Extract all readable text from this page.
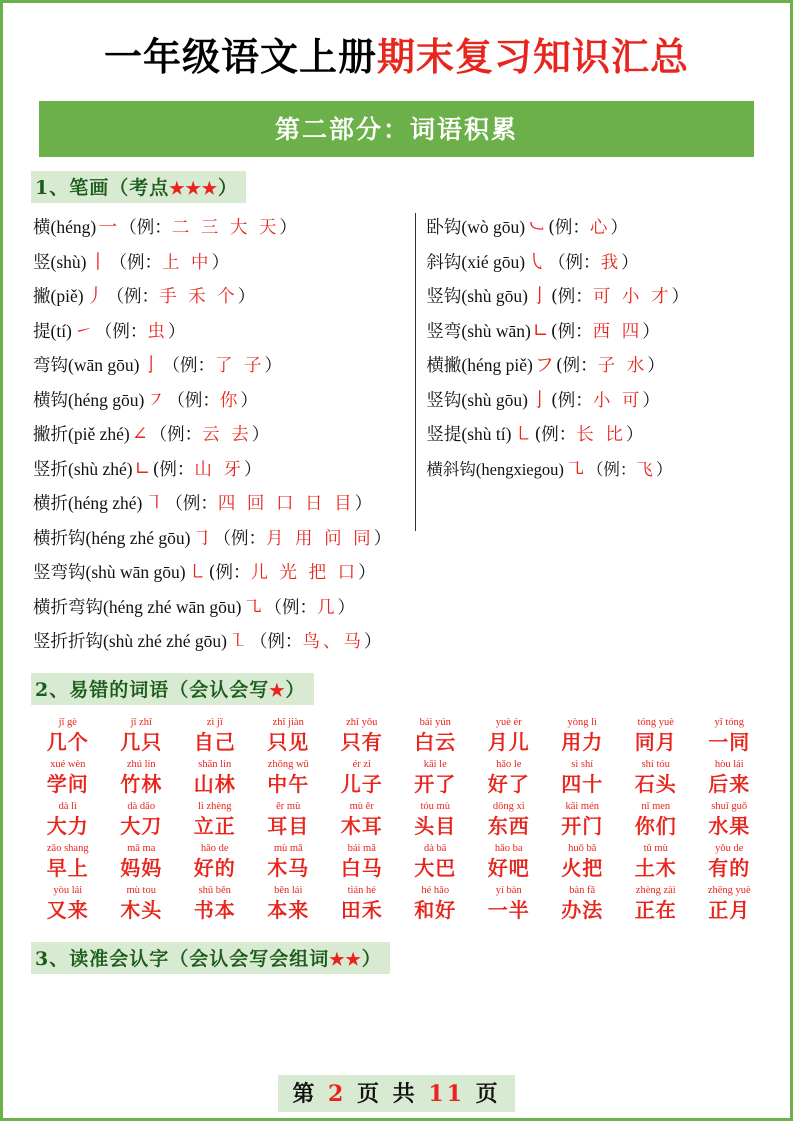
一年级语文上册期末复习知识汇总
第二部分：词语积累
1、笔画（考点★★★）
横(héng) 一 （例：二 三 大 天）
竖(shù) 丨 （例：上 中）
撇(piě) 丿 （例：手 禾 个）
提(tí) ㇀ （例：虫）
弯钩(wān gōu) 亅 （例：了 子）
横钩(héng gōu) ㇇ （例：你）
撇折(piě zhé) ∠ （例：云 去）
竖折(shù zhé) ∟ (例：山 牙）
卧钩(wò gōu) ㇃ (例：心）
斜钩(xié gōu) ㇂ （例：我）
竖钩(shù gōu) 亅 (例：可 小 才）
竖弯(shù wān) ∟ (例：西 四）
横撇(héng piě) フ (例：子 水）
竖钩(shù gōu) 亅 (例：小 可）
竖提(shù tí) ㇄ (例：长 比）
横斜钩(hengxiegou) ㇈ （例：飞）
横折(héng zhé) ㇕ （例：四 回 口 日 目）
横折钩(héng zhé gōu) ㇆ （例：月 用 问 同）
竖弯钩(shù wān gōu) ㇄ (例：儿 光 把 口）
横折弯钩(héng zhé wān gōu) ㇈ （例：几）
竖折折钩(shù zhé zhé gōu) ㇅ （例：鸟、马）
2、易错的词语（会认会写★）
jǐ gè
几个
jǐ zhī
几只
zì jǐ
自己
zhǐ jiàn
只见
zhǐ yǒu
只有
bái yún
白云
yuè ér
月儿
yòng lì
用力
tóng yuè
同月
yī tóng
一同
xué wèn
学问
zhú lín
竹林
shān lín
山林
zhōng wǔ
中午
ér zi
儿子
kāi le
开了
hǎo le
好了
sì shí
四十
shí tóu
石头
hòu lái
后来
dà lì
大力
dà dāo
大刀
lì zhèng
立正
ěr mù
耳目
mù ěr
木耳
tóu mù
头目
dōng xi
东西
kāi mén
开门
nǐ men
你们
shuǐ guǒ
水果
zǎo shang
早上
mā ma
妈妈
hǎo de
好的
mù mǎ
木马
bái mǎ
白马
dà bā
大巴
hǎo ba
好吧
huǒ bǎ
火把
tǔ mù
土木
yǒu de
有的
yòu lái
又来
mù tou
木头
shū běn
书本
běn lái
本来
tián hé
田禾
hé hǎo
和好
yí bàn
一半
bàn fǎ
办法
zhèng zài
正在
zhēng yuè
正月
3、读准会认字（会认会写会组词★★）
第 2 页 共 11 页
